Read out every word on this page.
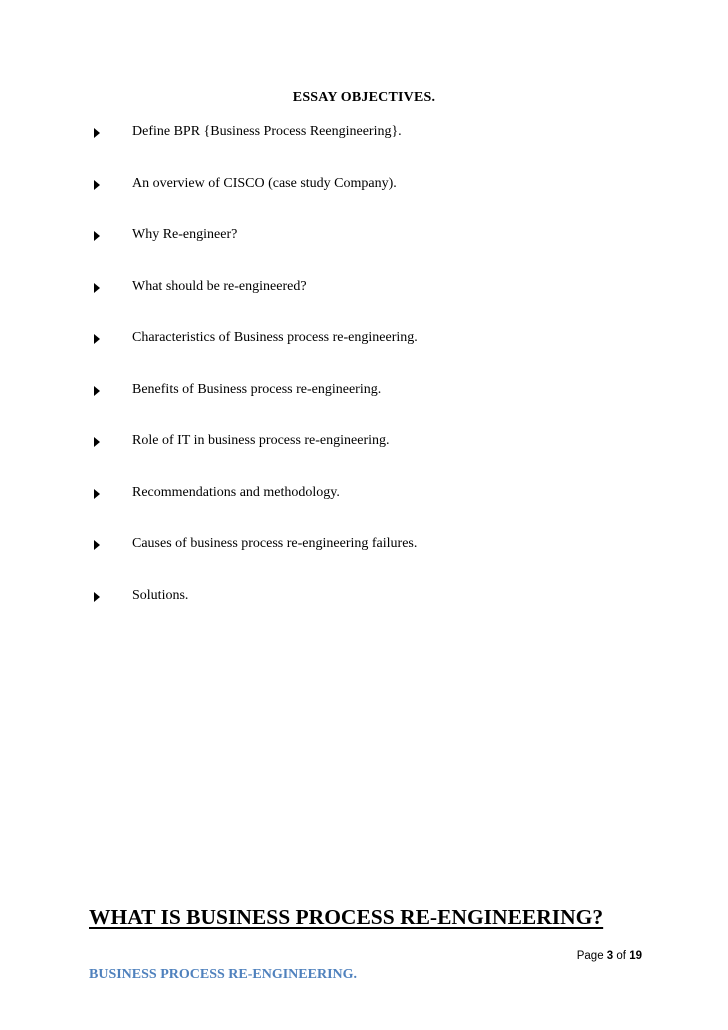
ESSAY OBJECTIVES.
Define BPR {Business Process Reengineering}.
An overview of CISCO (case study Company).
Why Re-engineer?
What should be re-engineered?
Characteristics of Business process re-engineering.
Benefits of Business process re-engineering.
Role of IT in business process re-engineering.
Recommendations and methodology.
Causes of business process re-engineering failures.
Solutions.
WHAT IS BUSINESS PROCESS RE-ENGINEERING?
Page 3 of 19
BUSINESS PROCESS RE-ENGINEERING.
